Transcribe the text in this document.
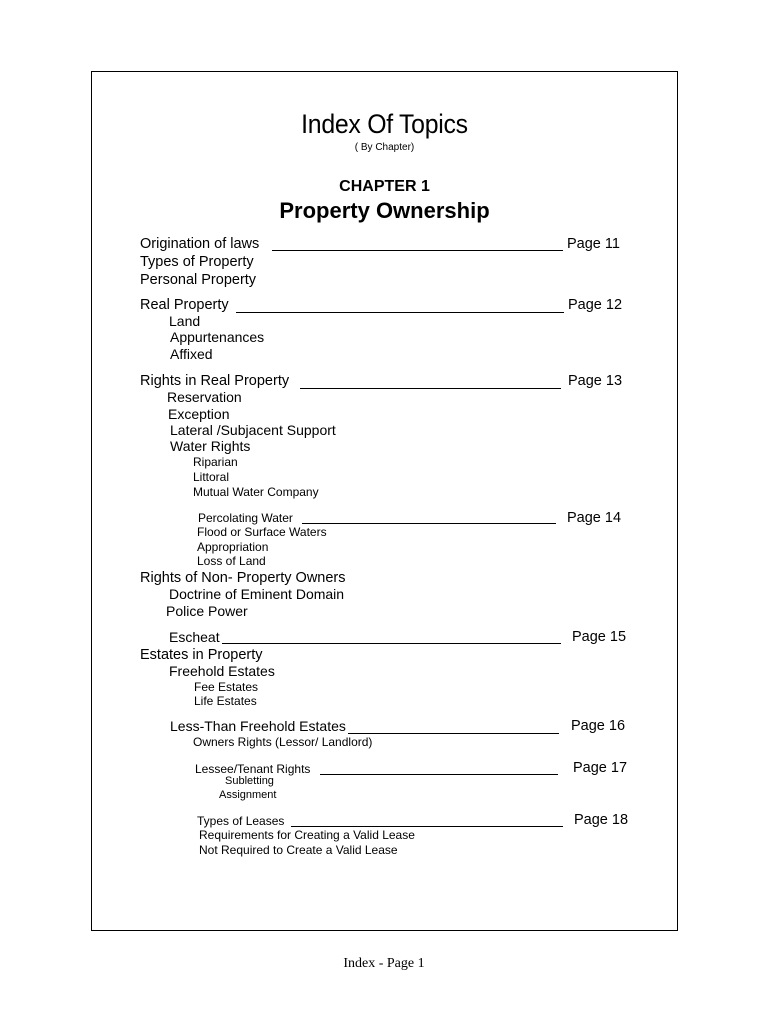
Index Of Topics
( By Chapter)
CHAPTER 1
Property Ownership
Origination of laws	Page 11
Types of Property
Personal Property
Real Property	Page 12
Land
Appurtenances
Affixed
Rights in Real Property	Page 13
Reservation
Exception
Lateral /Subjacent Support
Water Rights
Riparian
Littoral
Mutual Water Company
Percolating Water	Page 14
Flood or Surface Waters
Appropriation
Loss of Land
Rights of Non- Property Owners
Doctrine of Eminent Domain
Police Power
Escheat	Page 15
Estates in Property
Freehold Estates
Fee Estates
Life Estates
Less-Than Freehold Estates	Page 16
Owners Rights (Lessor/ Landlord)
Lessee/Tenant Rights	Page 17
Subletting
Assignment
Types of Leases	Page 18
Requirements for Creating a Valid Lease
Not Required to Create a Valid Lease
Index - Page 1
